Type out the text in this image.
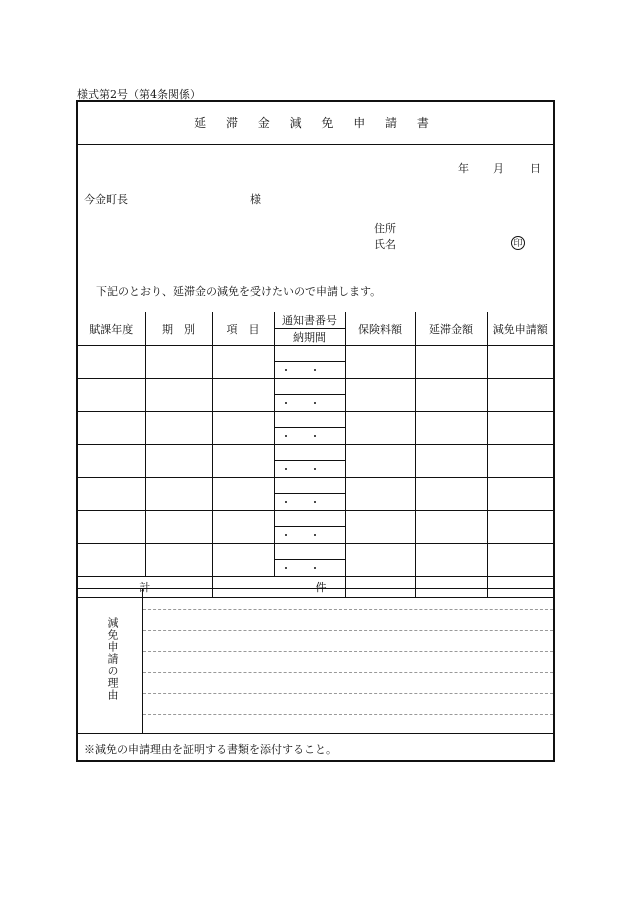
様式第2号（第4条関係）
延 滞 金 減 免 申 請 書
年 月 日
今金町長	様
住所
氏名	印
下記のとおり、延滞金の減免を受けたいので申請します。
賦課年度	期　別	項　目	通知書番号	保険料額	延滞金額	減免申請額
			納期間			

			・・			

			・・			

			・・			

			・・			

			・・			

			・・			

			・・			
計		件				
減免申請の理由
※減免の申請理由を証明する書類を添付すること。
